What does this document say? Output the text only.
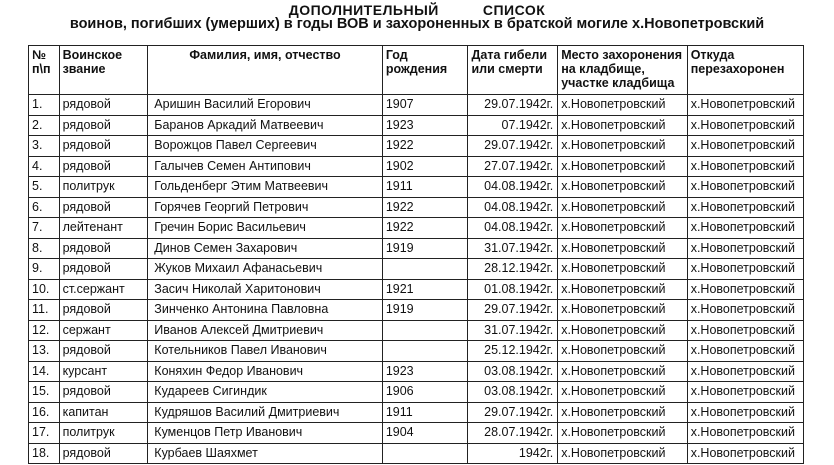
ДОПОЛНИТЕЛЬНЫЙ	СПИСОК
воинов, погибших (умерших) в годы ВОВ и захороненных в братской могиле х.Новопетровский
№ п\п	Воинское звание	Фамилия, имя, отчество	Год рождения	Дата гибели или смерти	Место захоронения на кладбище, участке кладбища	Откуда перезахоронен
1.	рядовой	Аришин Василий Егорович	1907	29.07.1942г.	х.Новопетровский	х.Новопетровский
2.	рядовой	Баранов Аркадий Матвеевич	1923	07.1942г.	х.Новопетровский	х.Новопетровский
3.	рядовой	Ворожцов Павел Сергеевич	1922	29.07.1942г.	х.Новопетровский	х.Новопетровский
4.	рядовой	Галычев Семен Антипович	1902	27.07.1942г.	х.Новопетровский	х.Новопетровский
5.	политрук	Гольденберг Этим Матвеевич	1911	04.08.1942г.	х.Новопетровский	х.Новопетровский
6.	рядовой	Горячев Георгий Петрович	1922	04.08.1942г.	х.Новопетровский	х.Новопетровский
7.	лейтенант	Гречин Борис Васильевич	1922	04.08.1942г.	х.Новопетровский	х.Новопетровский
8.	рядовой	Динов Семен Захарович	1919	31.07.1942г.	х.Новопетровский	х.Новопетровский
9.	рядовой	Жуков Михаил Афанасьевич		28.12.1942г.	х.Новопетровский	х.Новопетровский
10.	ст.сержант	Засич Николай Харитонович	1921	01.08.1942г.	х.Новопетровский	х.Новопетровский
11.	рядовой	Зинченко Антонина Павловна	1919	29.07.1942г.	х.Новопетровский	х.Новопетровский
12.	сержант	Иванов Алексей Дмитриевич		31.07.1942г.	х.Новопетровский	х.Новопетровский
13.	рядовой	Котельников Павел Иванович		25.12.1942г.	х.Новопетровский	х.Новопетровский
14.	курсант	Коняхин Федор Иванович	1923	03.08.1942г.	х.Новопетровский	х.Новопетровский
15.	рядовой	Кудареев Сигиндик	1906	03.08.1942г.	х.Новопетровский	х.Новопетровский
16.	капитан	Кудряшов Василий Дмитриевич	1911	29.07.1942г.	х.Новопетровский	х.Новопетровский
17.	политрук	Куменцов Петр Иванович	1904	28.07.1942г.	х.Новопетровский	х.Новопетровский
18.	рядовой	Курбаев Шаяхмет		1942г.	х.Новопетровский	х.Новопетровский
